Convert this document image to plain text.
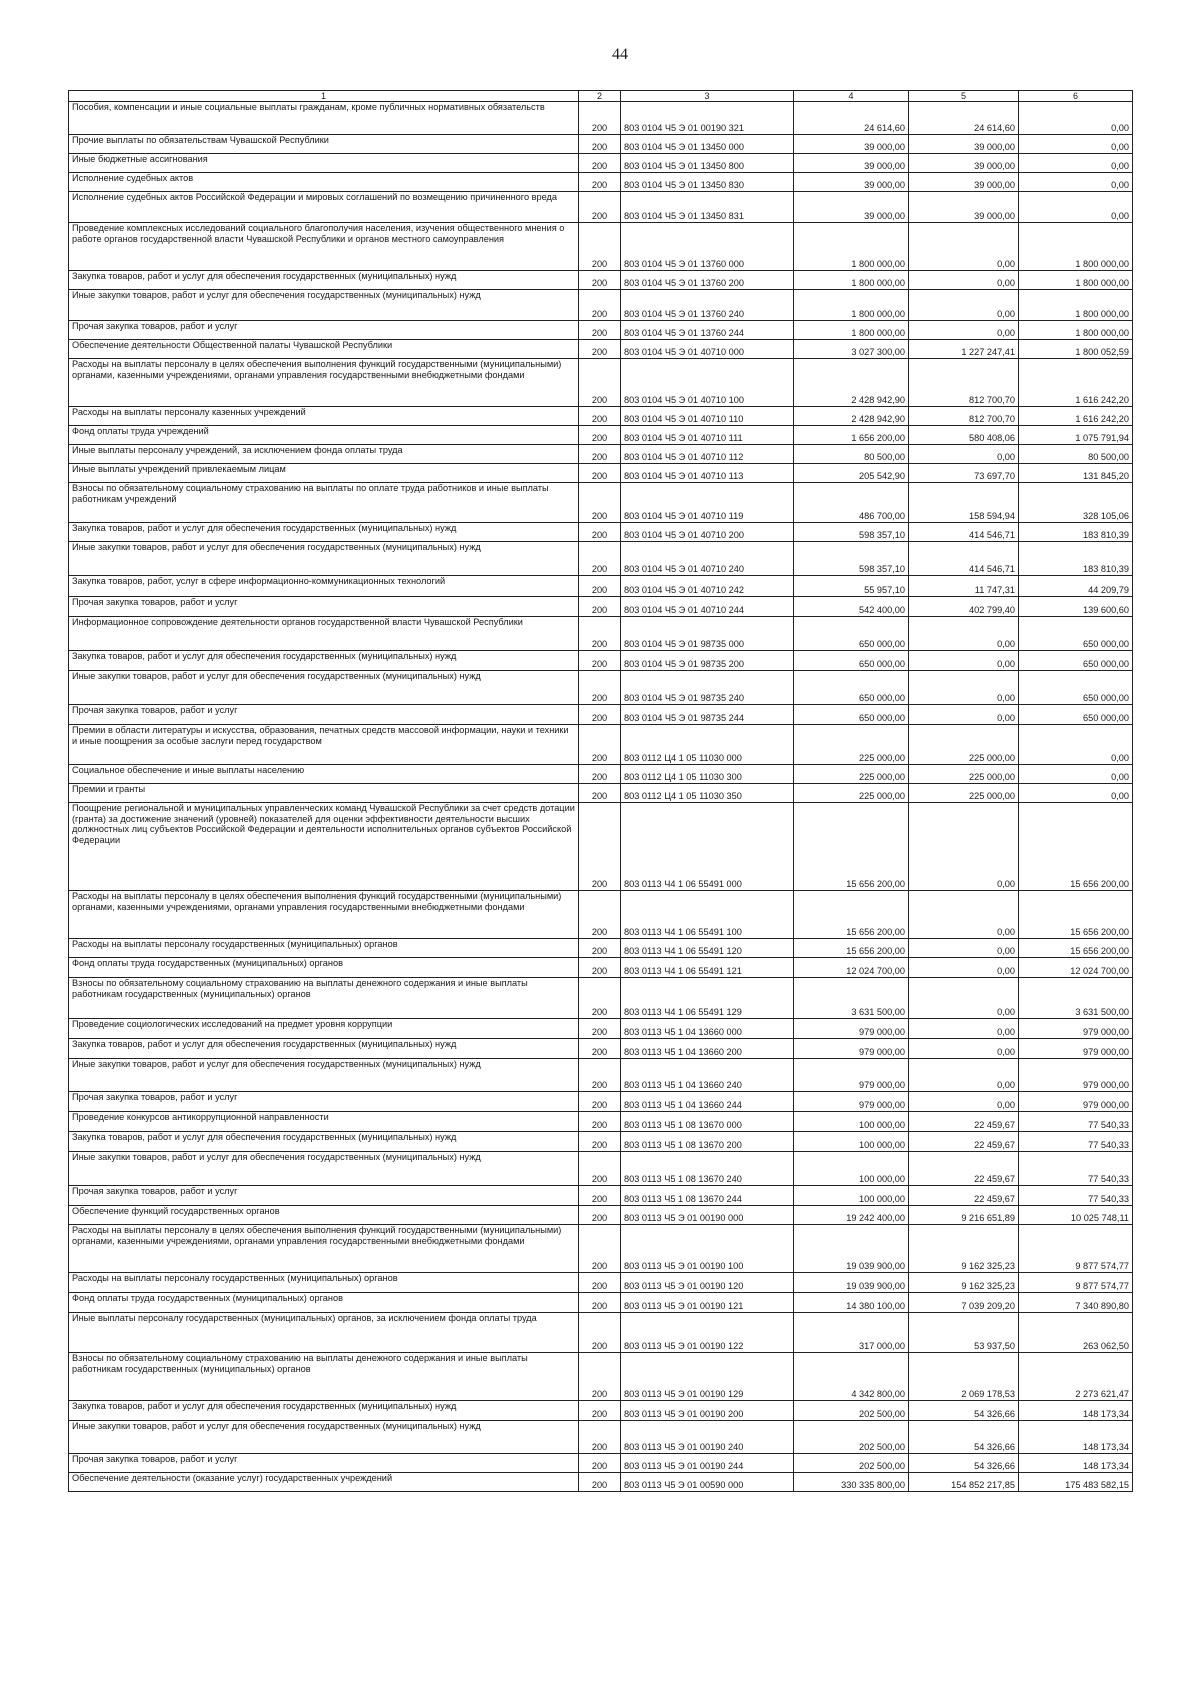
44
1	2	3	4	5	6
Пособия, компенсации и иные социальные выплаты гражданам, кроме публичных нормативных обязательств	200	803 0104 Ч5 Э 01 00190 321	24 614,60	24 614,60	0,00
Прочие выплаты по обязательствам Чувашской Республики	200	803 0104 Ч5 Э 01 13450 000	39 000,00	39 000,00	0,00
Иные бюджетные ассигнования	200	803 0104 Ч5 Э 01 13450 800	39 000,00	39 000,00	0,00
Исполнение судебных актов	200	803 0104 Ч5 Э 01 13450 830	39 000,00	39 000,00	0,00
Исполнение судебных актов Российской Федерации и мировых соглашений по возмещению причиненного вреда	200	803 0104 Ч5 Э 01 13450 831	39 000,00	39 000,00	0,00
Проведение комплексных исследований социального благополучия населения, изучения общественного мнения о работе органов государственной власти Чувашской Республики и органов местного самоуправления	200	803 0104 Ч5 Э 01 13760 000	1 800 000,00	0,00	1 800 000,00
Закупка товаров, работ и услуг для обеспечения государственных (муниципальных) нужд	200	803 0104 Ч5 Э 01 13760 200	1 800 000,00	0,00	1 800 000,00
Иные закупки товаров, работ и услуг для обеспечения государственных (муниципальных) нужд	200	803 0104 Ч5 Э 01 13760 240	1 800 000,00	0,00	1 800 000,00
Прочая закупка товаров, работ и услуг	200	803 0104 Ч5 Э 01 13760 244	1 800 000,00	0,00	1 800 000,00
Обеспечение деятельности Общественной палаты Чувашской Республики	200	803 0104 Ч5 Э 01 40710 000	3 027 300,00	1 227 247,41	1 800 052,59
Расходы на выплаты персоналу в целях обеспечения выполнения функций государственными (муниципальными) органами, казенными учреждениями, органами управления государственными внебюджетными фондами	200	803 0104 Ч5 Э 01 40710 100	2 428 942,90	812 700,70	1 616 242,20
Расходы на выплаты персоналу казенных учреждений	200	803 0104 Ч5 Э 01 40710 110	2 428 942,90	812 700,70	1 616 242,20
Фонд оплаты труда учреждений	200	803 0104 Ч5 Э 01 40710 111	1 656 200,00	580 408,06	1 075 791,94
Иные выплаты персоналу учреждений, за исключением фонда оплаты труда	200	803 0104 Ч5 Э 01 40710 112	80 500,00	0,00	80 500,00
Иные выплаты учреждений привлекаемым лицам	200	803 0104 Ч5 Э 01 40710 113	205 542,90	73 697,70	131 845,20
Взносы по обязательному социальному страхованию на выплаты по оплате труда работников и иные выплаты работникам учреждений	200	803 0104 Ч5 Э 01 40710 119	486 700,00	158 594,94	328 105,06
Закупка товаров, работ и услуг для обеспечения государственных (муниципальных) нужд	200	803 0104 Ч5 Э 01 40710 200	598 357,10	414 546,71	183 810,39
Иные закупки товаров, работ и услуг для обеспечения государственных (муниципальных) нужд	200	803 0104 Ч5 Э 01 40710 240	598 357,10	414 546,71	183 810,39
Закупка товаров, работ, услуг в сфере информационно-коммуникационных технологий	200	803 0104 Ч5 Э 01 40710 242	55 957,10	11 747,31	44 209,79
Прочая закупка товаров, работ и услуг	200	803 0104 Ч5 Э 01 40710 244	542 400,00	402 799,40	139 600,60
Информационное сопровождение деятельности органов государственной власти Чувашской Республики	200	803 0104 Ч5 Э 01 98735 000	650 000,00	0,00	650 000,00
Закупка товаров, работ и услуг для обеспечения государственных (муниципальных) нужд	200	803 0104 Ч5 Э 01 98735 200	650 000,00	0,00	650 000,00
Иные закупки товаров, работ и услуг для обеспечения государственных (муниципальных) нужд	200	803 0104 Ч5 Э 01 98735 240	650 000,00	0,00	650 000,00
Прочая закупка товаров, работ и услуг	200	803 0104 Ч5 Э 01 98735 244	650 000,00	0,00	650 000,00
Премии в области литературы и искусства, образования, печатных средств массовой информации, науки и техники и иные поощрения за особые заслуги перед государством	200	803 0112 Ц4 1 05 11030 000	225 000,00	225 000,00	0,00
Социальное обеспечение и иные выплаты населению	200	803 0112 Ц4 1 05 11030 300	225 000,00	225 000,00	0,00
Премии и гранты	200	803 0112 Ц4 1 05 11030 350	225 000,00	225 000,00	0,00
Поощрение региональной и муниципальных управленческих команд Чувашской Республики за счет средств дотации (гранта) за достижение значений (уровней) показателей для оценки эффективности деятельности высших должностных лиц субъектов Российской Федерации и деятельности исполнительных органов субъектов Российской Федерации	200	803 0113 Ч4 1 06 55491 000	15 656 200,00	0,00	15 656 200,00
Расходы на выплаты персоналу в целях обеспечения выполнения функций государственными (муниципальными) органами, казенными учреждениями, органами управления государственными внебюджетными фондами	200	803 0113 Ч4 1 06 55491 100	15 656 200,00	0,00	15 656 200,00
Расходы на выплаты персоналу государственных (муниципальных) органов	200	803 0113 Ч4 1 06 55491 120	15 656 200,00	0,00	15 656 200,00
Фонд оплаты труда государственных (муниципальных) органов	200	803 0113 Ч4 1 06 55491 121	12 024 700,00	0,00	12 024 700,00
Взносы по обязательному социальному страхованию на выплаты денежного содержания и иные выплаты работникам государственных (муниципальных) органов	200	803 0113 Ч4 1 06 55491 129	3 631 500,00	0,00	3 631 500,00
Проведение социологических исследований на предмет уровня коррупции	200	803 0113 Ч5 1 04 13660 000	979 000,00	0,00	979 000,00
Закупка товаров, работ и услуг для обеспечения государственных (муниципальных) нужд	200	803 0113 Ч5 1 04 13660 200	979 000,00	0,00	979 000,00
Иные закупки товаров, работ и услуг для обеспечения государственных (муниципальных) нужд	200	803 0113 Ч5 1 04 13660 240	979 000,00	0,00	979 000,00
Прочая закупка товаров, работ и услуг	200	803 0113 Ч5 1 04 13660 244	979 000,00	0,00	979 000,00
Проведение конкурсов антикоррупционной направленности	200	803 0113 Ч5 1 08 13670 000	100 000,00	22 459,67	77 540,33
Закупка товаров, работ и услуг для обеспечения государственных (муниципальных) нужд	200	803 0113 Ч5 1 08 13670 200	100 000,00	22 459,67	77 540,33
Иные закупки товаров, работ и услуг для обеспечения государственных (муниципальных) нужд	200	803 0113 Ч5 1 08 13670 240	100 000,00	22 459,67	77 540,33
Прочая закупка товаров, работ и услуг	200	803 0113 Ч5 1 08 13670 244	100 000,00	22 459,67	77 540,33
Обеспечение функций государственных органов	200	803 0113 Ч5 Э 01 00190 000	19 242 400,00	9 216 651,89	10 025 748,11
Расходы на выплаты персоналу в целях обеспечения выполнения функций государственными (муниципальными) органами, казенными учреждениями, органами управления государственными внебюджетными фондами	200	803 0113 Ч5 Э 01 00190 100	19 039 900,00	9 162 325,23	9 877 574,77
Расходы на выплаты персоналу государственных (муниципальных) органов	200	803 0113 Ч5 Э 01 00190 120	19 039 900,00	9 162 325,23	9 877 574,77
Фонд оплаты труда государственных (муниципальных) органов	200	803 0113 Ч5 Э 01 00190 121	14 380 100,00	7 039 209,20	7 340 890,80
Иные выплаты персоналу государственных (муниципальных) органов, за исключением фонда оплаты труда	200	803 0113 Ч5 Э 01 00190 122	317 000,00	53 937,50	263 062,50
Взносы по обязательному социальному страхованию на выплаты денежного содержания и иные выплаты работникам государственных (муниципальных) органов	200	803 0113 Ч5 Э 01 00190 129	4 342 800,00	2 069 178,53	2 273 621,47
Закупка товаров, работ и услуг для обеспечения государственных (муниципальных) нужд	200	803 0113 Ч5 Э 01 00190 200	202 500,00	54 326,66	148 173,34
Иные закупки товаров, работ и услуг для обеспечения государственных (муниципальных) нужд	200	803 0113 Ч5 Э 01 00190 240	202 500,00	54 326,66	148 173,34
Прочая закупка товаров, работ и услуг	200	803 0113 Ч5 Э 01 00190 244	202 500,00	54 326,66	148 173,34
Обеспечение деятельности (оказание услуг) государственных учреждений	200	803 0113 Ч5 Э 01 00590 000	330 335 800,00	154 852 217,85	175 483 582,15
